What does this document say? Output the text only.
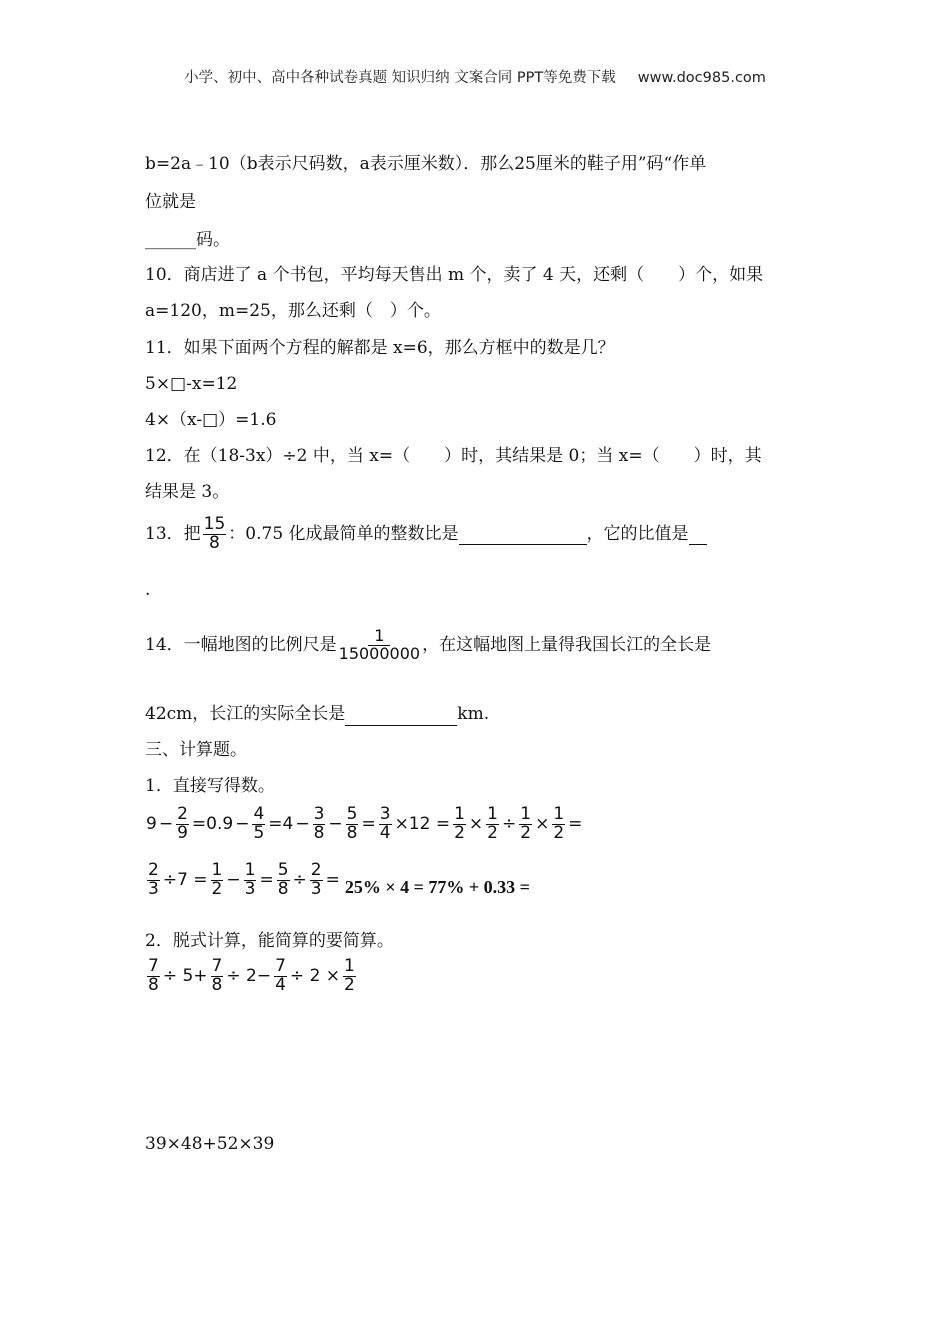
小学、初中、高中各种试卷真题 知识归纳 文案合同 PPT等免费下载 www.doc985.com
b=2a﹣10（b表示尺码数，a表示厘米数）．那么25厘米的鞋子用”码“作单
位就是
______码。
10．商店进了 a 个书包，平均每天售出 m 个，卖了 4 天，还剩（　　）个，如果
a=120，m=25，那么还剩（　）个。
11．如果下面两个方程的解都是 x=6，那么方框中的数是几？
5×□-x=12
4×（x-□）=1.6
12．在（18-3x）÷2 中，当 x=（　　）时，其结果是 0；当 x=（　　）时，其
结果是 3。
13．把 $\frac{15}{8}$ ：0.75 化成最简单的整数比是	，它的比值是
.
14．一幅地图的比例尺是 $\frac{1}{15000000}$ ，在这幅地图上量得我国长江的全长是
42cm，长江的实际全长是	km.
三、计算题。
1．直接写得数。
$9 - \frac{2}{9} =0.9 - \frac{4}{5} =4 - \frac{3}{8} - \frac{5}{8} = \frac{3}{4} \times 12 = \frac{1}{2} \times \frac{1}{2} \div \frac{1}{2} \times \frac{1}{2}$ =
$\frac{2}{3} \div 7 = \frac{1}{2} - \frac{1}{3} = \frac{5}{8} \div \frac{2}{3} = 25\% \times 4 = 77\% + 0.33$ =
2．脱式计算，能简算的要简算。
$\frac{7}{8} \div 5+ \frac{7}{8} \div 2- \frac{7}{4} \div 2 \times \frac{1}{2}$
39×48+52×39
